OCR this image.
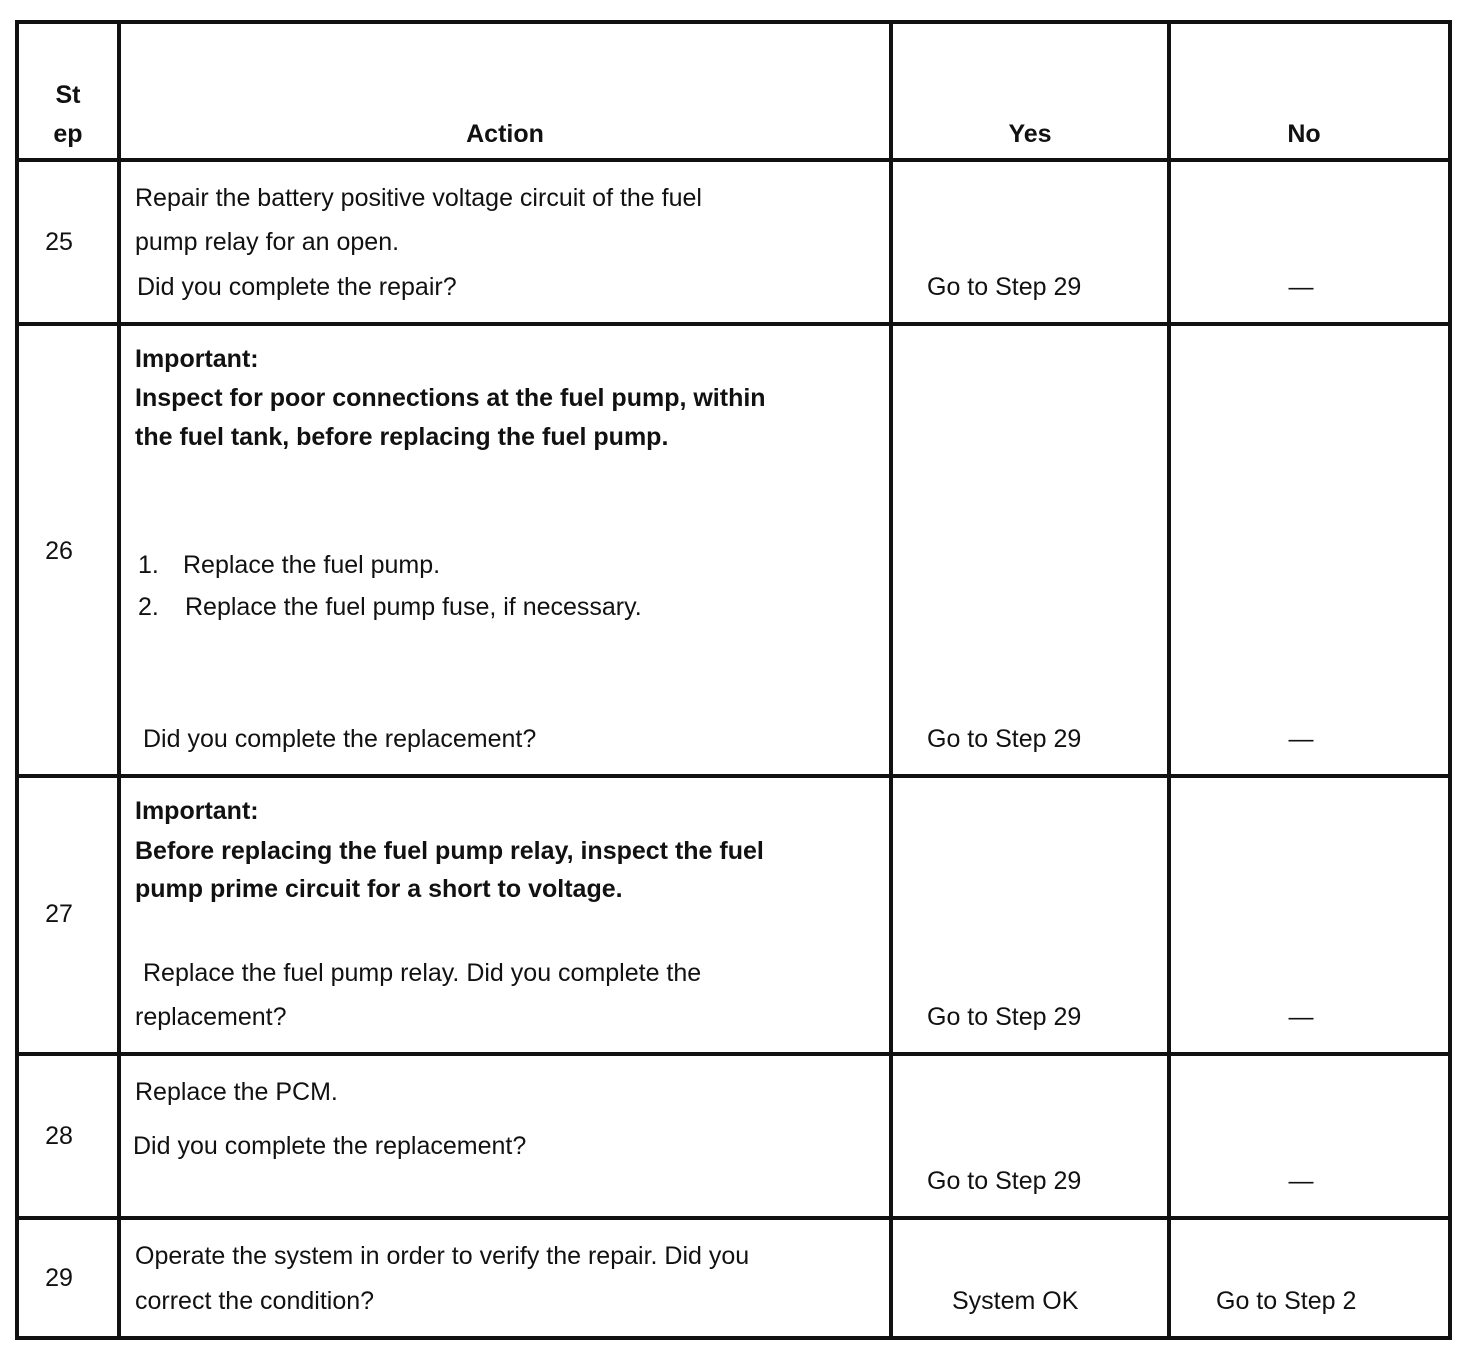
St
ep	Action	Yes	No
25
Repair the battery positive voltage circuit of the fuel
pump relay for an open.
Did you complete the repair?	Go to Step 29	—
26
Important:
Inspect for poor connections at the fuel pump, within
the fuel tank, before replacing the fuel pump.
1. Replace the fuel pump.
2. Replace the fuel pump fuse, if necessary.
Did you complete the replacement?	Go to Step 29	—
27
Important:
Before replacing the fuel pump relay, inspect the fuel
pump prime circuit for a short to voltage.
Replace the fuel pump relay. Did you complete the
replacement?	Go to Step 29	—
28
Replace the PCM.
Did you complete the replacement?
Go to Step 29	—
29
Operate the system in order to verify the repair. Did you
correct the condition?	System OK	Go to Step 2
